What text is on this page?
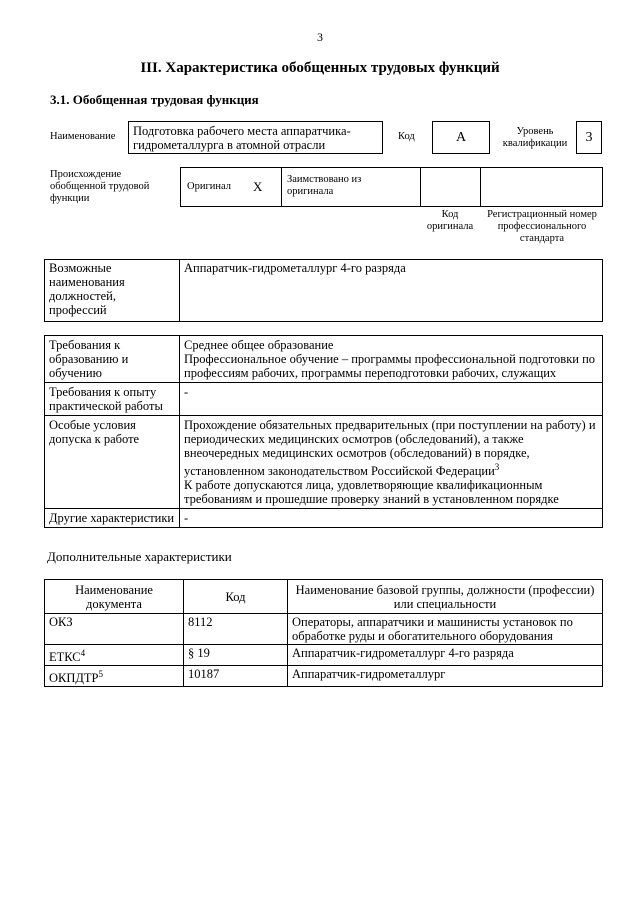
3
III. Характеристика обобщенных трудовых функций
3.1. Обобщенная трудовая функция
Наименование	Подготовка рабочего места аппаратчика-гидрометаллурга в атомной отрасли
Код	A	Уровень квалификации	3
Происхождение обобщенной трудовой функции
Оригинал X Заимствовано из оригинала
Код оригинала
Регистрационный номер профессионального стандарта
Возможные наименования должностей, профессий	Аппаратчик-гидрометаллург 4-го разряда
Требования к образованию и обучению	Среднее общее образование
Профессиональное обучение – программы профессиональной подготовки по профессиям рабочих, программы переподготовки рабочих, служащих

Требования к опыту практической работы	-
Особые условия допуска к работе	Прохождение обязательных предварительных (при поступлении на работу) и периодических медицинских осмотров (обследований), а также внеочередных медицинских осмотров (обследований) в порядке, установленном законодательством Российской Федерации$^3$
К работе допускаются лица, удовлетворяющие квалификационным требованиям и прошедшие проверку знаний в установленном порядке

Другие характеристики	-
Дополнительные характеристики
Наименование документа	Код	Наименование базовой группы, должности (профессии) или специальности
ОКЗ	8112	Операторы, аппаратчики и машинисты установок по обработке руды и обогатительного оборудования
ЕТКС$^4$	§ 19	Аппаратчик-гидрометаллург 4-го разряда
ОКПДТР$^5$	10187	Аппаратчик-гидрометаллург
